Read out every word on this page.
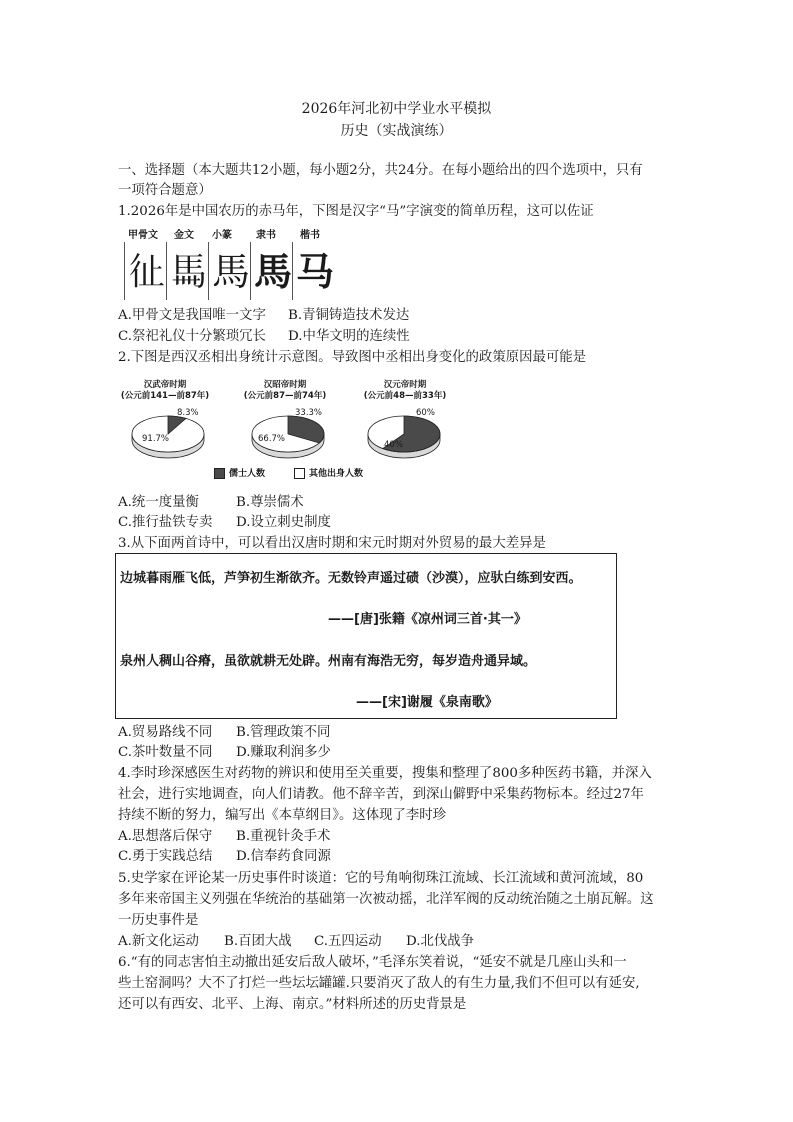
2026年河北初中学业水平模拟
历史（实战演练）
一、选择题（本大题共12小题，每小题2分，共24分。在每小题给出的四个选项中，只有
一项符合题意）
1.2026年是中国农历的赤马年，下图是汉字“马”字演变的简单历程，这可以佐证
甲骨文 金文 小篆 隶书 楷书
𢓊 𩡧 馬 馬 马
A.甲骨文是我国唯一文字 B.青铜铸造技术发达
C.祭祀礼仪十分繁琐冗长 D.中华文明的连续性
2.下图是西汉丞相出身统计示意图。导致图中丞相出身变化的政策原因最可能是
汉武帝时期
(公元前141—前87年)
汉昭帝时期
(公元前87—前74年)
汉元帝时期
(公元前48—前33年)
8.3%
91.7%
33.3%
66.7%
60%
40%
儒士人数	其他出身人数
A.统一度量衡	B.尊崇儒术
C.推行盐铁专卖 D.设立刺史制度
3.从下面两首诗中，可以看出汉唐时期和宋元时期对外贸易的最大差异是
边城暮雨雁飞低，芦笋初生渐欲齐。无数铃声遥过碛（沙漠），应驮白练到安西。
——[唐]张籍《凉州词三首·其一》
泉州人稠山谷瘠，虽欲就耕无处辟。州南有海浩无穷，每岁造舟通异域。
——[宋]谢履《泉南歌》
A.贸易路线不同 B.管理政策不同
C.茶叶数量不同 D.赚取利润多少
4.李时珍深感医生对药物的辨识和使用至关重要，搜集和整理了800多种医药书籍，并深入
社会，进行实地调查，向人们请教。他不辞辛苦，到深山僻野中采集药物标本。经过27年
持续不断的努力，编写出《本草纲目》。这体现了李时珍
A.思想落后保守 B.重视针灸手术
C.勇于实践总结 D.信奉药食同源
5.史学家在评论某一历史事件时谈道：它的号角响彻珠江流域、长江流域和黄河流域，80
多年来帝国主义列强在华统治的基础第一次被动摇，北洋军阀的反动统治随之土崩瓦解。这
一历史事件是
A.新文化运动 B.百团大战 C.五四运动 D.北伐战争
6.“有的同志害怕主动撤出延安后敌人破坏，”毛泽东笑着说，“延安不就是几座山头和一
些土窑洞吗？大不了打烂一些坛坛罐罐.只要消灭了敌人的有生力量,我们不但可以有延安,
还可以有西安、北平、上海、南京。”材料所述的历史背景是
